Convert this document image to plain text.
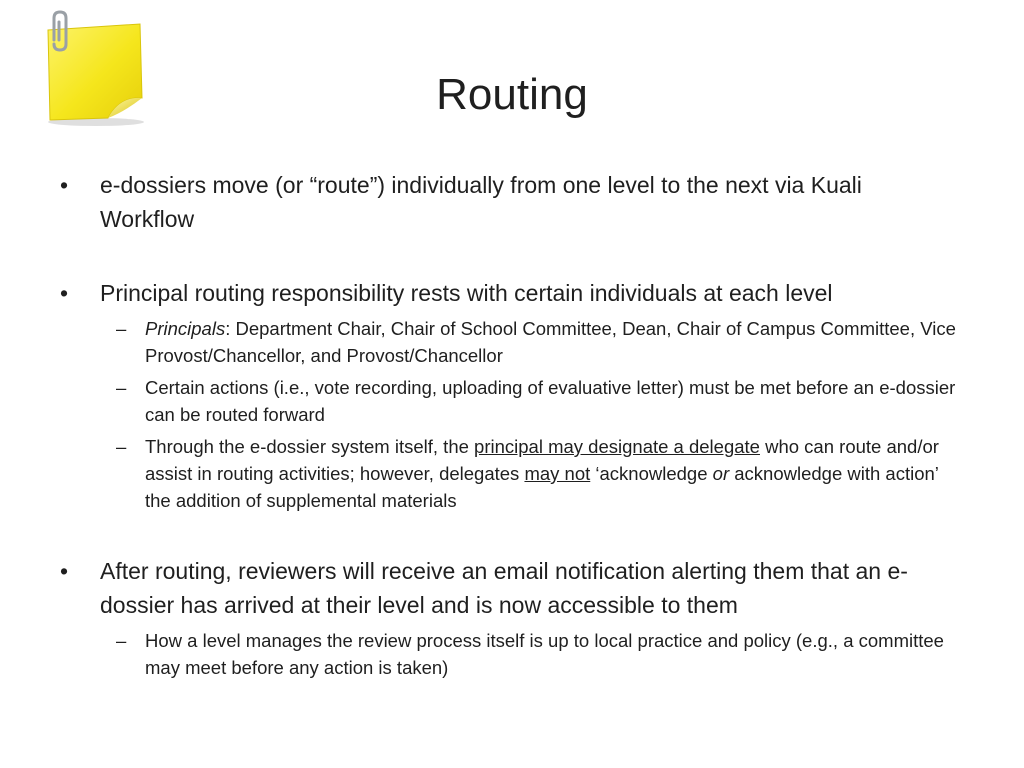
Routing

• e-dossiers move (or “route”) individually from one level to the next via Kuali Workflow

• Principal routing responsibility rests with certain individuals at each level

– Principals: Department Chair, Chair of School Committee, Dean, Chair of Campus Committee, Vice Provost/Chancellor, and Provost/Chancellor

– Certain actions (i.e., vote recording, uploading of evaluative letter) must be met before an e-dossier can be routed forward

– Through the e-dossier system itself, the principal may designate a delegate who can route and/or assist in routing activities; however, delegates may not ‘acknowledge or acknowledge with action’ the addition of supplemental materials

• After routing, reviewers will receive an email notification alerting them that an e-dossier has arrived at their level and is now accessible to them

– How a level manages the review process itself is up to local practice and policy (e.g., a committee may meet before any action is taken)
